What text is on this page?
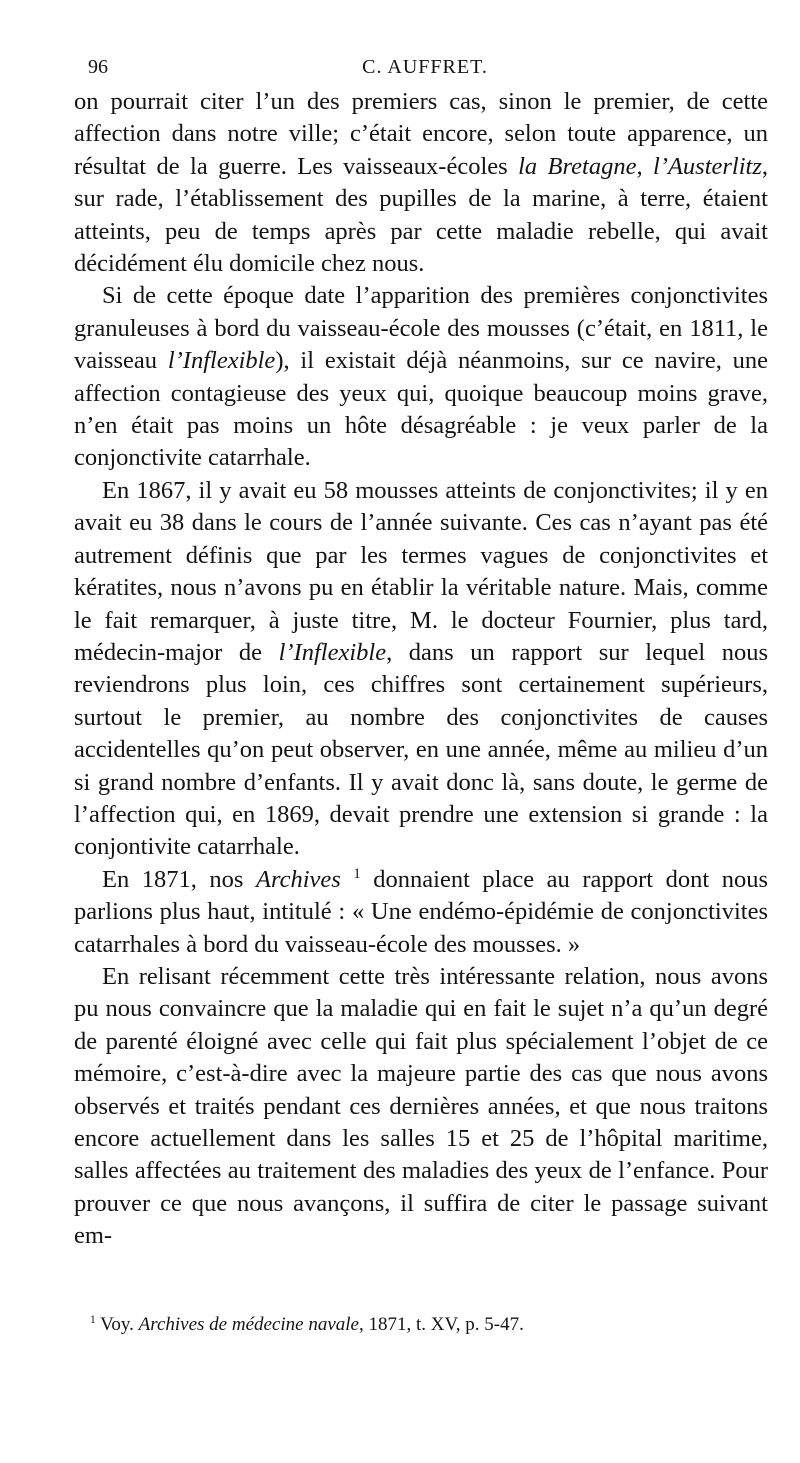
96	C. AUFFRET.

on pourrait citer l’un des premiers cas, sinon le premier, de cette affection dans notre ville; c’était encore, selon toute apparence, un résultat de la guerre. Les vaisseaux-écoles la Bretagne, l’Austerlitz, sur rade, l’établissement des pupilles de la marine, à terre, étaient atteints, peu de temps après par cette maladie rebelle, qui avait décidément élu domicile chez nous.

Si de cette époque date l’apparition des premières conjonctivites granuleuses à bord du vaisseau-école des mousses (c’était, en 1811, le vaisseau l’Inflexible), il existait déjà néanmoins, sur ce navire, une affection contagieuse des yeux qui, quoique beaucoup moins grave, n’en était pas moins un hôte désagréable : je veux parler de la conjonctivite catarrhale.

En 1867, il y avait eu 58 mousses atteints de conjonctivites; il y en avait eu 38 dans le cours de l’année suivante. Ces cas n’ayant pas été autrement définis que par les termes vagues de conjonctivites et kératites, nous n’avons pu en établir la véritable nature. Mais, comme le fait remarquer, à juste titre, M. le docteur Fournier, plus tard, médecin-major de l’Inflexible, dans un rapport sur lequel nous reviendrons plus loin, ces chiffres sont certainement supérieurs, surtout le premier, au nombre des conjonctivites de causes accidentelles qu’on peut observer, en une année, même au milieu d’un si grand nombre d’enfants. Il y avait donc là, sans doute, le germe de l’affection qui, en 1869, devait prendre une extension si grande : la conjontivite catarrhale.

En 1871, nos Archives $^1$ donnaient place au rapport dont nous parlions plus haut, intitulé : « Une endémo-épidémie de conjonctivites catarrhales à bord du vaisseau-école des mousses. »

En relisant récemment cette très intéressante relation, nous avons pu nous convaincre que la maladie qui en fait le sujet n’a qu’un degré de parenté éloigné avec celle qui fait plus spécialement l’objet de ce mémoire, c’est-à-dire avec la majeure partie des cas que nous avons observés et traités pendant ces dernières années, et que nous traitons encore actuellement dans les salles 15 et 25 de l’hôpital maritime, salles affectées au traitement des maladies des yeux de l’enfance. Pour prouver ce que nous avançons, il suffira de citer le passage suivant em-

$^1$ Voy. Archives de médecine navale, 1871, t. XV, p. 5-47.
